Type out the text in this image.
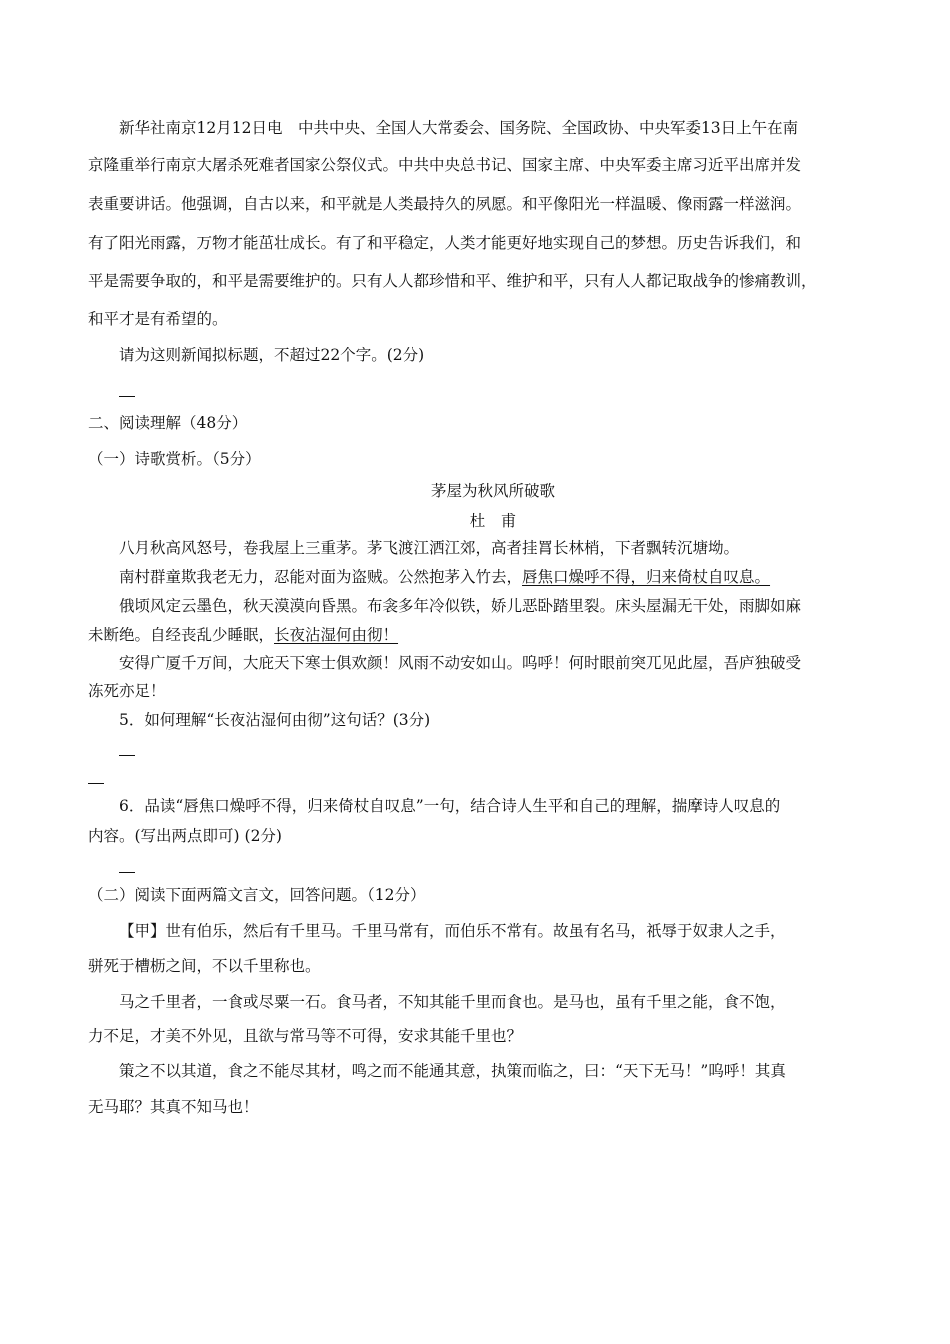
新华社南京12月12日电　中共中央、全国人大常委会、国务院、全国政协、中央军委13日上午在南
京隆重举行南京大屠杀死难者国家公祭仪式。中共中央总书记、国家主席、中央军委主席习近平出席并发
表重要讲话。他强调，自古以来，和平就是人类最持久的夙愿。和平像阳光一样温暖、像雨露一样滋润。
有了阳光雨露，万物才能茁壮成长。有了和平稳定，人类才能更好地实现自己的梦想。历史告诉我们，和
平是需要争取的，和平是需要维护的。只有人人都珍惜和平、维护和平，只有人人都记取战争的惨痛教训，
和平才是有希望的。
请为这则新闻拟标题，不超过22个字。(2分)
二、阅读理解（48分）
（一）诗歌赏析。（5分）
茅屋为秋风所破歌
杜　甫
八月秋高风怒号，卷我屋上三重茅。茅飞渡江洒江郊，高者挂罥长林梢，下者飘转沉塘坳。
南村群童欺我老无力，忍能对面为盗贼。公然抱茅入竹去，唇焦口燥呼不得，归来倚杖自叹息。
俄顷风定云墨色，秋天漠漠向昏黑。布衾多年冷似铁，娇儿恶卧踏里裂。床头屋漏无干处，雨脚如麻
未断绝。自经丧乱少睡眠，长夜沾湿何由彻！
安得广厦千万间，大庇天下寒士俱欢颜！风雨不动安如山。呜呼！何时眼前突兀见此屋，吾庐独破受
冻死亦足！
5．如何理解“长夜沾湿何由彻”这句话？(3分)
6．品读“唇焦口燥呼不得，归来倚杖自叹息”一句，结合诗人生平和自己的理解，揣摩诗人叹息的
内容。(写出两点即可) (2分)
（二）阅读下面两篇文言文，回答问题。（12分）
【甲】世有伯乐，然后有千里马。千里马常有，而伯乐不常有。故虽有名马，祇辱于奴隶人之手，
骈死于槽枥之间，不以千里称也。
马之千里者，一食或尽粟一石。食马者，不知其能千里而食也。是马也，虽有千里之能，食不饱，
力不足，才美不外见，且欲与常马等不可得，安求其能千里也？
策之不以其道，食之不能尽其材，鸣之而不能通其意，执策而临之，曰：“天下无马！”呜呼！其真
无马耶？其真不知马也！
